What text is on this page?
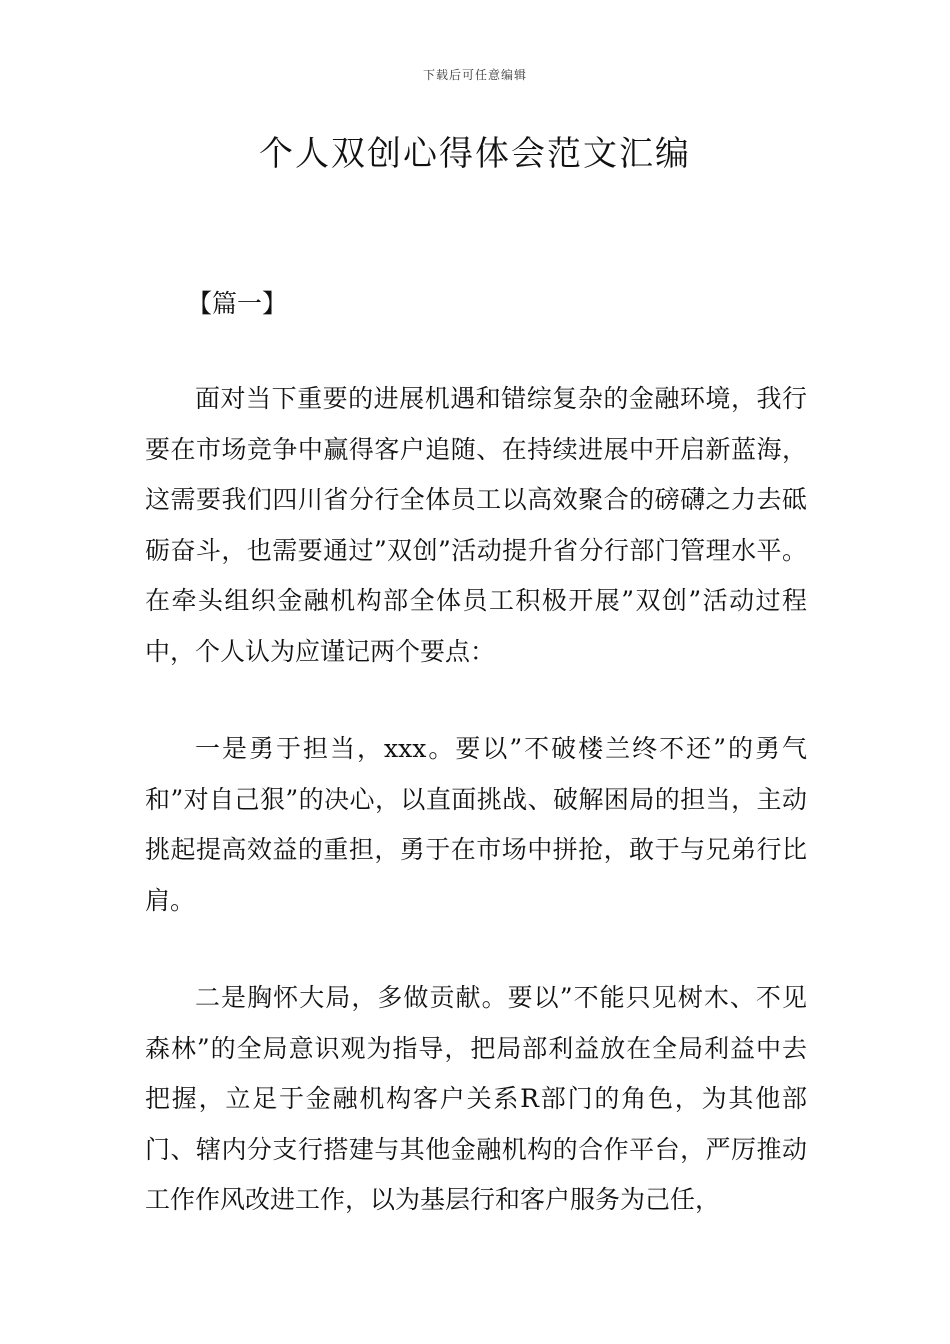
下载后可任意编辑
个人双创心得体会范文汇编
【篇一】

面对当下重要的进展机遇和错综复杂的金融环境，我行要在市场竞争中赢得客户追随、在持续进展中开启新蓝海，这需要我们四川省分行全体员工以高效聚合的磅礴之力去砥砺奋斗，也需要通过”双创”活动提升省分行部门管理水平。在牵头组织金融机构部全体员工积极开展”双创”活动过程中，个人认为应谨记两个要点：

一是勇于担当，xxx。要以”不破楼兰终不还”的勇气和”对自己狠”的决心，以直面挑战、破解困局的担当，主动挑起提高效益的重担，勇于在市场中拼抢，敢于与兄弟行比肩。

二是胸怀大局，多做贡献。要以”不能只见树木、不见森林”的全局意识观为指导，把局部利益放在全局利益中去把握，立足于金融机构客户关系R部门的角色，为其他部门、辖内分支行搭建与其他金融机构的合作平台，严厉推动工作作风改进工作，以为基层行和客户服务为己任，
